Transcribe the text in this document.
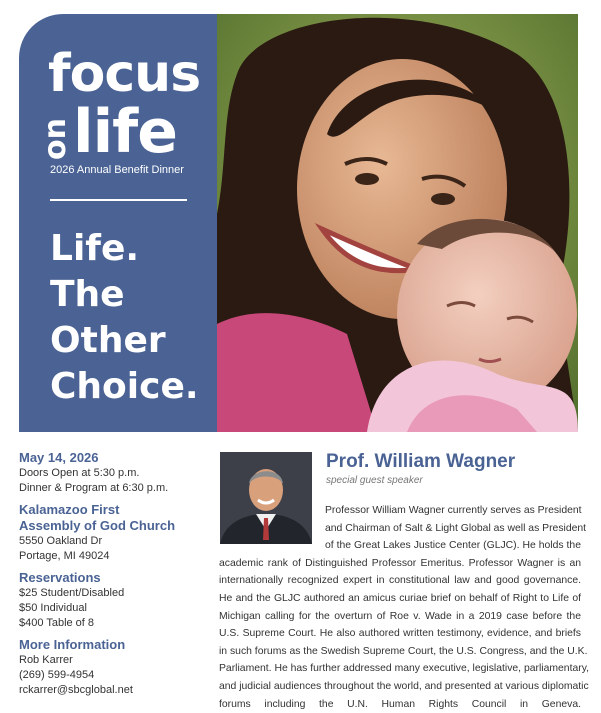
focus
on life
2026 Annual Benefit Dinner
Life.
The
Other
Choice.
May 14, 2026
Doors Open at 5:30 p.m.
Dinner & Program at 6:30 p.m.
Kalamazoo First
Assembly of God Church
5550 Oakland Dr
Portage, MI 49024
Reservations
$25 Student/Disabled
$50 Individual
$400 Table of 8
More Information
Rob Karrer
(269) 599-4954
rckarrer@sbcglobal.net
Prof. William Wagner
special guest speaker
Professor William Wagner currently serves as President
and Chairman of Salt & Light Global as well as President
of the Great Lakes Justice Center (GLJC). He holds the
academic rank of Distinguished Professor Emeritus. Professor Wagner is an
internationally recognized expert in constitutional law and good governance.
He and the GLJC authored an amicus curiae brief on behalf of Right to Life of
Michigan calling for the overturn of Roe v. Wade in a 2019 case before the
U.S. Supreme Court. He also authored written testimony, evidence, and briefs
in such forums as the Swedish Supreme Court, the U.S. Congress, and the U.K.
Parliament. He has further addressed many executive, legislative, parliamentary,
and judicial audiences throughout the world, and presented at various diplomatic
forums including the U.N. Human Rights Council in Geneva.
